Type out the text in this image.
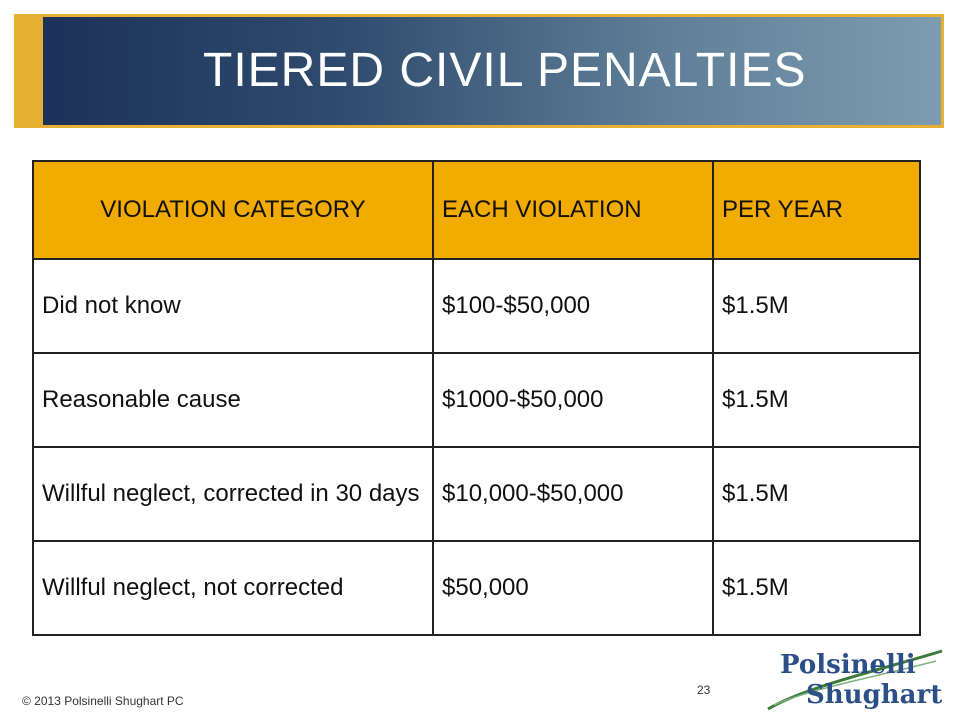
TIERED CIVIL PENALTIES
VIOLATION CATEGORY	EACH VIOLATION	PER YEAR
Did not know	$100-$50,000	$1.5M
Reasonable cause	$1000-$50,000	$1.5M
Willful neglect, corrected in 30 days	$10,000-$50,000	$1.5M
Willful neglect, not corrected	$50,000	$1.5M
© 2013 Polsinelli Shughart PC
23
Polsinelli
Shughart
